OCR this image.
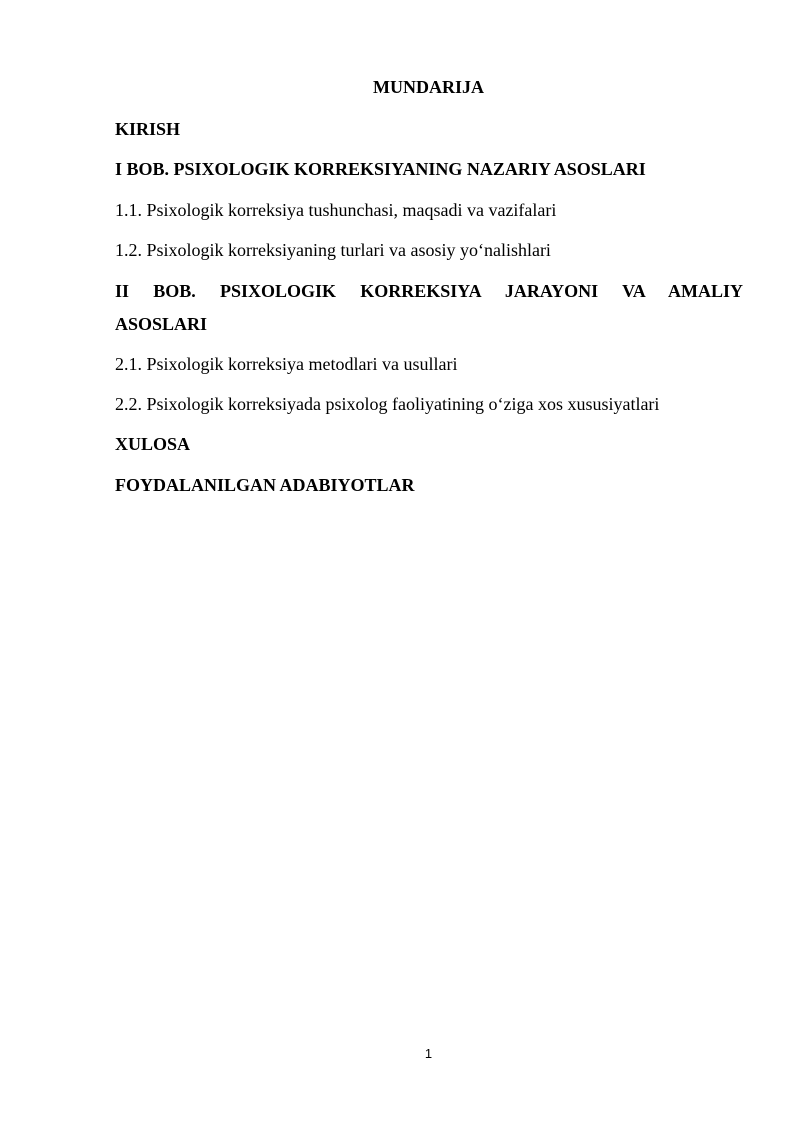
MUNDARIJA
KIRISH
I BOB. PSIXOLOGIK KORREKSIYANING NAZARIY ASOSLARI
1.1. Psixologik korreksiya tushunchasi, maqsadi va vazifalari
1.2. Psixologik korreksiyaning turlari va asosiy yo‘nalishlari
II BOB. PSIXOLOGIK KORREKSIYA JARAYONI VA AMALIY
ASOSLARI
2.1. Psixologik korreksiya metodlari va usullari
2.2. Psixologik korreksiyada psixolog faoliyatining o‘ziga xos xususiyatlari
XULOSA
FOYDALANILGAN ADABIYOTLAR
1
